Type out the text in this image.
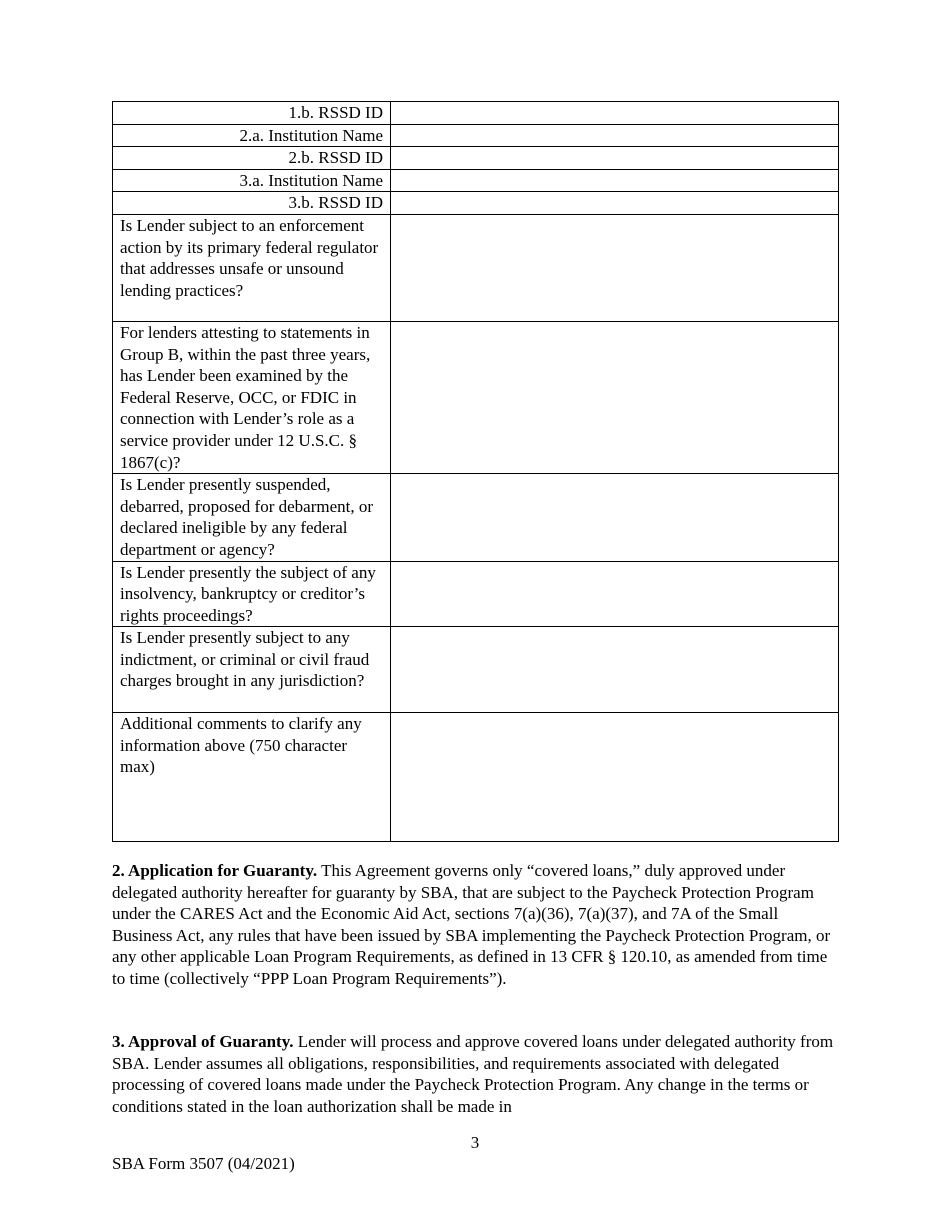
1.b. RSSD ID	
2.a. Institution Name	
2.b. RSSD ID	
3.a. Institution Name	
3.b. RSSD ID	
Is Lender subject to an enforcement action by its primary federal regulator that addresses unsafe or unsound lending practices?	
For lenders attesting to statements in Group B, within the past three years, has Lender been examined by the Federal Reserve, OCC, or FDIC in connection with Lender’s role as a service provider under 12 U.S.C. § 1867(c)?	
Is Lender presently suspended, debarred, proposed for debarment, or declared ineligible by any federal department or agency?	
Is Lender presently the subject of any insolvency, bankruptcy or creditor’s rights proceedings?	
Is Lender presently subject to any indictment, or criminal or civil fraud charges brought in any jurisdiction?	
Additional comments to clarify any information above (750 character max)	

2. Application for Guaranty. This Agreement governs only “covered loans,” duly approved under delegated authority hereafter for guaranty by SBA, that are subject to the Paycheck Protection Program under the CARES Act and the Economic Aid Act, sections 7(a)(36), 7(a)(37), and 7A of the Small Business Act, any rules that have been issued by SBA implementing the Paycheck Protection Program, or any other applicable Loan Program Requirements, as defined in 13 CFR § 120.10, as amended from time to time (collectively “PPP Loan Program Requirements”).

3. Approval of Guaranty. Lender will process and approve covered loans under delegated authority from SBA. Lender assumes all obligations, responsibilities, and requirements associated with delegated processing of covered loans made under the Paycheck Protection Program. Any change in the terms or conditions stated in the loan authorization shall be made in

3
SBA Form 3507 (04/2021)
